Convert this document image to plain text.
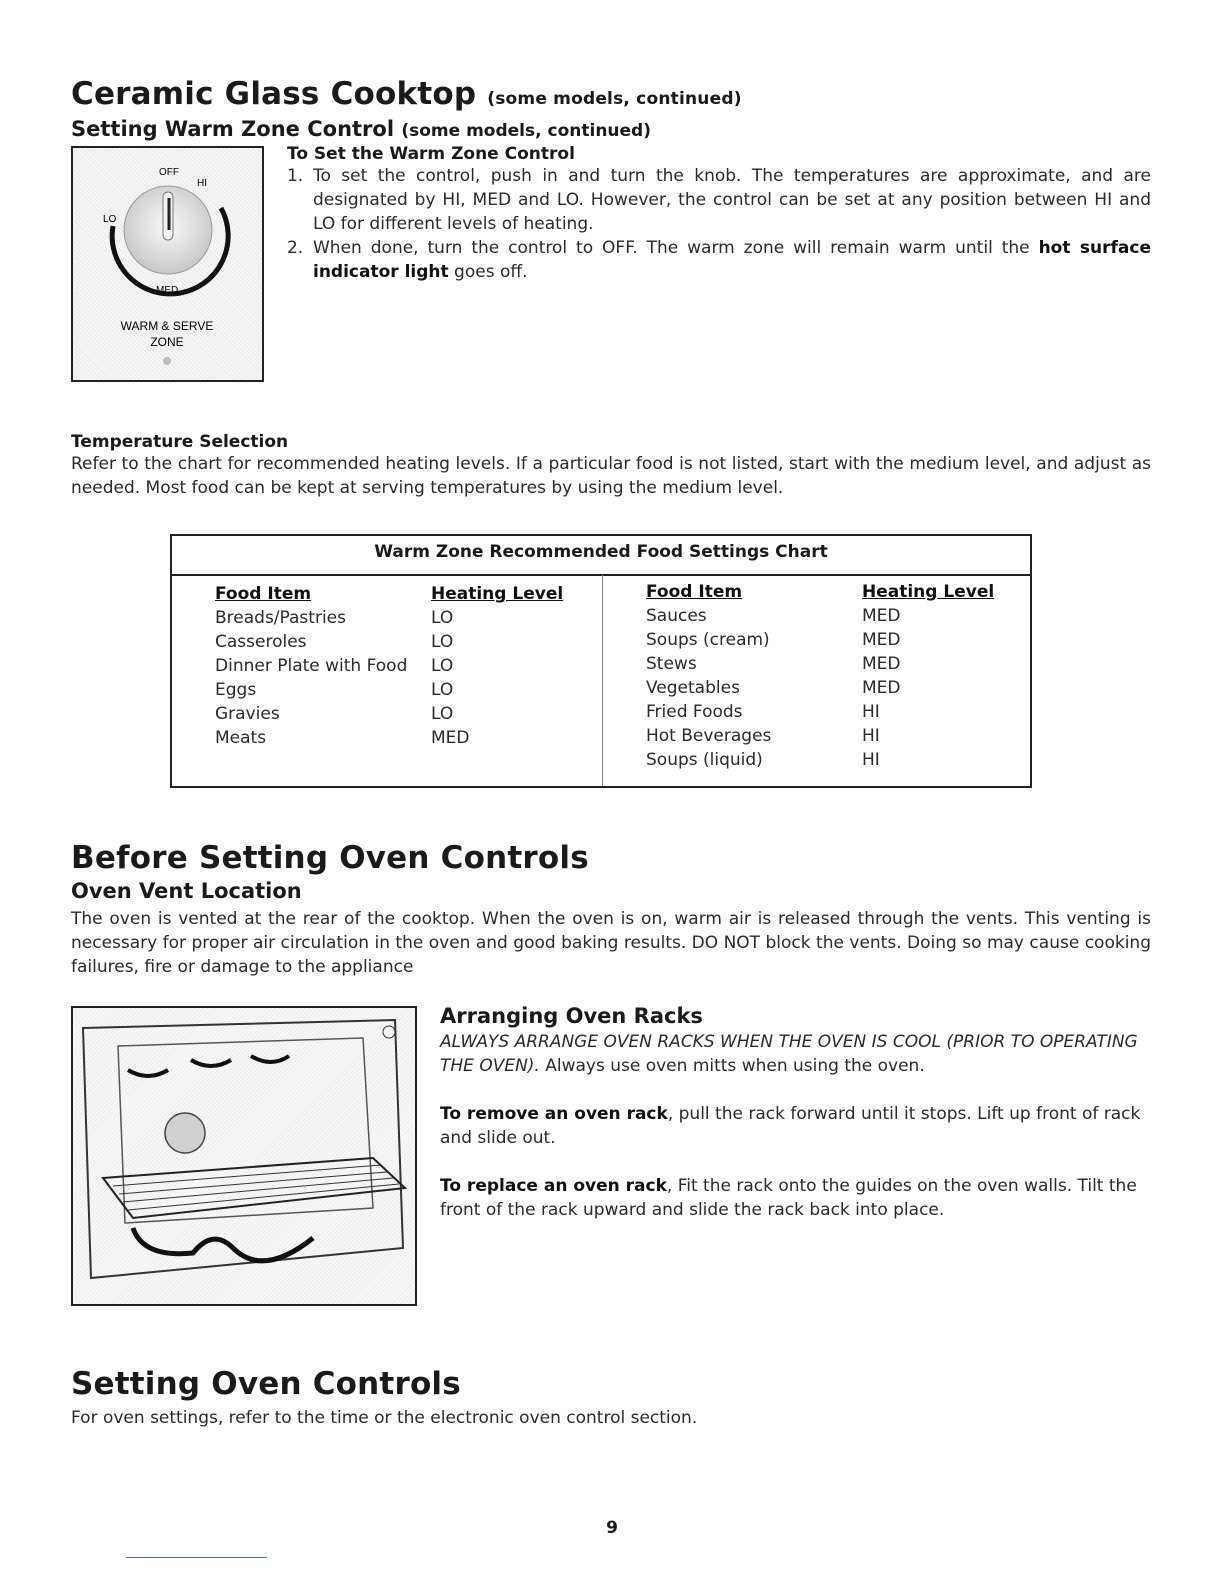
Ceramic Glass Cooktop (some models, continued)
Setting Warm Zone Control (some models, continued)
OFF
HI
LO
MED
WARM & SERVE
ZONE
To Set the Warm Zone Control
1. To set the control, push in and turn the knob. The temperatures are approximate, and are designated by HI, MED and LO. However, the control can be set at any position between HI and LO for different levels of heating.
2. When done, turn the control to OFF. The warm zone will remain warm until the hot surface indicator light goes off.
Temperature Selection

Refer to the chart for recommended heating levels. If a particular food is not listed, start with the medium level, and adjust as needed. Most food can be kept at serving temperatures by using the medium level.

Warm Zone Recommended Food Settings Chart
Food Item
Breads/Pastries
Casseroles
Dinner Plate with Food
Eggs
Gravies
Meats
Heating Level
LO
LO
LO
LO
LO
MED
Food Item
Sauces
Soups (cream)
Stews
Vegetables
Fried Foods
Hot Beverages
Soups (liquid)
Heating Level
MED
MED
MED
MED
HI
HI
HI
Before Setting Oven Controls
Oven Vent Location

The oven is vented at the rear of the cooktop. When the oven is on, warm air is released through the vents. This venting is necessary for proper air circulation in the oven and good baking results. DO NOT block the vents. Doing so may cause cooking failures, fire or damage to the appliance

Arranging Oven Racks

ALWAYS ARRANGE OVEN RACKS WHEN THE OVEN IS COOL (PRIOR TO OPERATING THE OVEN). Always use oven mitts when using the oven.

To remove an oven rack, pull the rack forward until it stops. Lift up front of rack and slide out.

To replace an oven rack, Fit the rack onto the guides on the oven walls. Tilt the front of the rack upward and slide the rack back into place.

Setting Oven Controls

For oven settings, refer to the time or the electronic oven control section.

9
